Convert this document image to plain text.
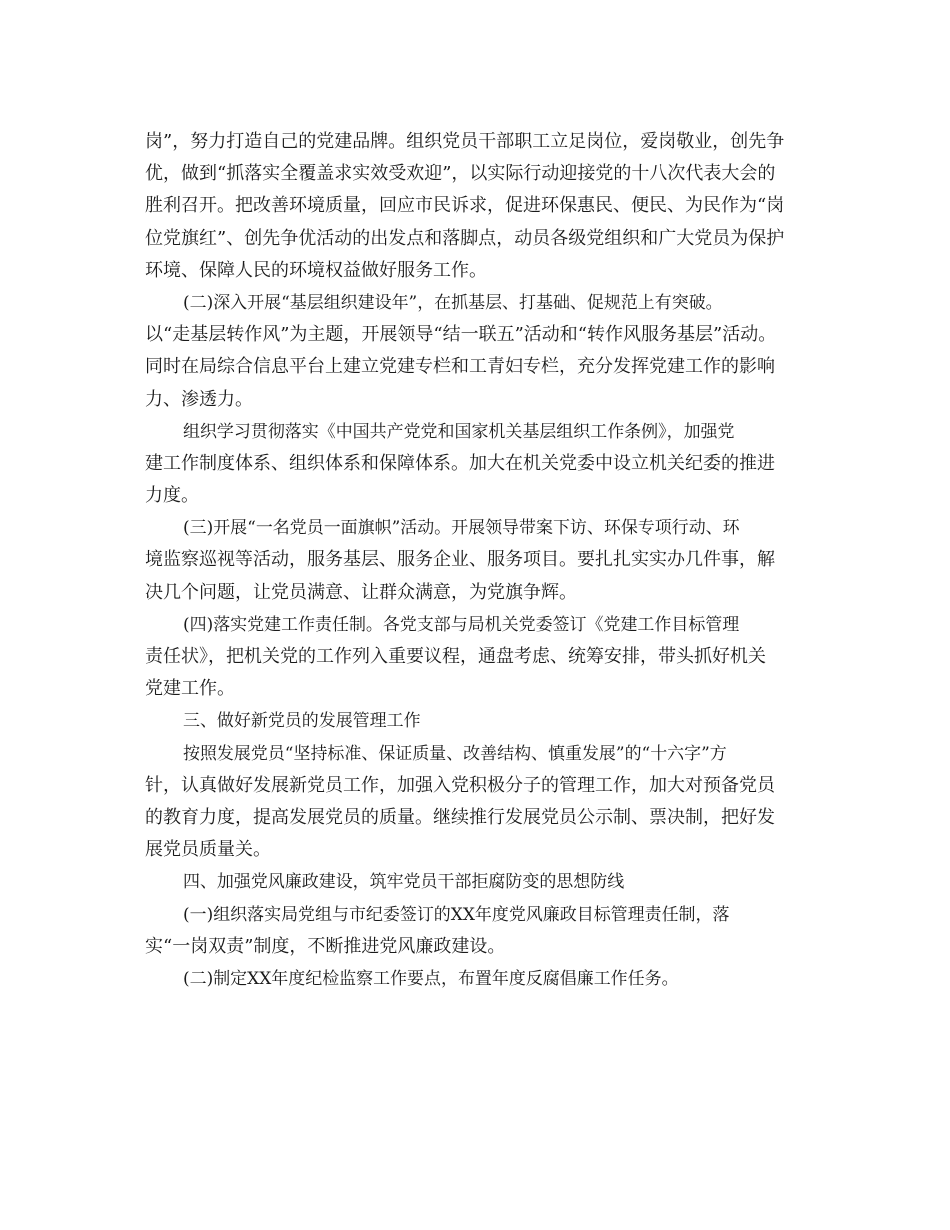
岗”，努力打造自己的党建品牌。组织党员干部职工立足岗位，爱岗敬业，创先争
优，做到“抓落实全覆盖求实效受欢迎”，以实际行动迎接党的十八次代表大会的
胜利召开。把改善环境质量，回应市民诉求，促进环保惠民、便民、为民作为“岗
位党旗红”、创先争优活动的出发点和落脚点，动员各级党组织和广大党员为保护
环境、保障人民的环境权益做好服务工作。
(二)深入开展“基层组织建设年”，在抓基层、打基础、促规范上有突破。
以“走基层转作风”为主题，开展领导“结一联五”活动和“转作风服务基层”活动。
同时在局综合信息平台上建立党建专栏和工青妇专栏，充分发挥党建工作的影响
力、渗透力。
组织学习贯彻落实《中国共产党党和国家机关基层组织工作条例》，加强党
建工作制度体系、组织体系和保障体系。加大在机关党委中设立机关纪委的推进
力度。
(三)开展“一名党员一面旗帜”活动。开展领导带案下访、环保专项行动、环
境监察巡视等活动，服务基层、服务企业、服务项目。要扎扎实实办几件事，解
决几个问题，让党员满意、让群众满意，为党旗争辉。
(四)落实党建工作责任制。各党支部与局机关党委签订《党建工作目标管理
责任状》，把机关党的工作列入重要议程，通盘考虑、统筹安排，带头抓好机关
党建工作。
三、做好新党员的发展管理工作
按照发展党员“坚持标准、保证质量、改善结构、慎重发展”的“十六字”方
针，认真做好发展新党员工作，加强入党积极分子的管理工作，加大对预备党员
的教育力度，提高发展党员的质量。继续推行发展党员公示制、票决制，把好发
展党员质量关。
四、加强党风廉政建设，筑牢党员干部拒腐防变的思想防线
(一)组织落实局党组与市纪委签订的XX年度党风廉政目标管理责任制，落
实“一岗双责”制度，不断推进党风廉政建设。
(二)制定XX年度纪检监察工作要点，布置年度反腐倡廉工作任务。
